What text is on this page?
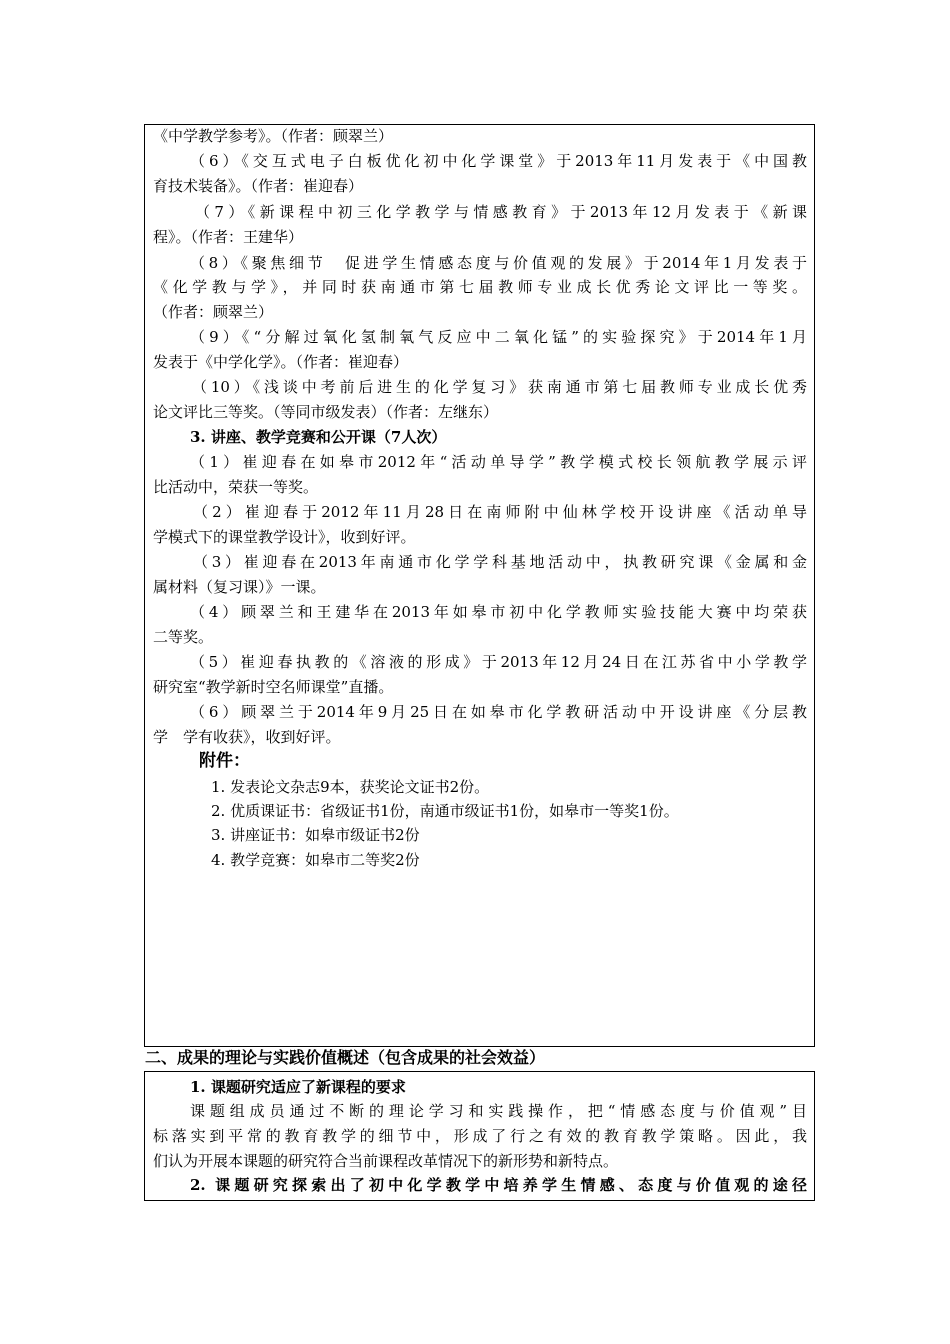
《中学教学参考》。（作者：顾翠兰）
（6）《交互式电子白板优化初中化学课堂》于2013年11月发表于《中国教
育技术装备》。（作者：崔迎春）
（7）《新课程中初三化学教学与情感教育》于2013年12月发表于《新课
程》。（作者：王建华）
（8）《聚焦细节　促进学生情感态度与价值观的发展》于2014年1月发表于
《化学教与学》，并同时获南通市第七届教师专业成长优秀论文评比一等奖。
（作者：顾翠兰）
（9）《“分解过氧化氢制氧气反应中二氧化锰”的实验探究》于2014年1月
发表于《中学化学》。（作者：崔迎春）
（10）《浅谈中考前后进生的化学复习》获南通市第七届教师专业成长优秀
论文评比三等奖。（等同市级发表）（作者：左继东）
3. 讲座、教学竞赛和公开课（7人次）
（1）崔迎春在如皋市2012年“活动单导学”教学模式校长领航教学展示评
比活动中，荣获一等奖。
（2）崔迎春于2012年11月28日在南师附中仙林学校开设讲座《活动单导
学模式下的课堂教学设计》，收到好评。
（3）崔迎春在2013年南通市化学学科基地活动中，执教研究课《金属和金
属材料（复习课）》一课。
（4）顾翠兰和王建华在2013年如皋市初中化学教师实验技能大赛中均荣获
二等奖。
（5）崔迎春执教的《溶液的形成》于2013年12月24日在江苏省中小学教学
研究室“教学新时空名师课堂”直播。
（6）顾翠兰于2014年9月25日在如皋市化学教研活动中开设讲座《分层教
学　学有收获》，收到好评。
附件：
1. 发表论文杂志9本，获奖论文证书2份。
2. 优质课证书：省级证书1份，南通市级证书1份，如皋市一等奖1份。
3. 讲座证书：如皋市级证书2份
4. 教学竞赛：如皋市二等奖2份
二、成果的理论与实践价值概述（包含成果的社会效益）
1. 课题研究适应了新课程的要求
课题组成员通过不断的理论学习和实践操作，把“情感态度与价值观”目
标落实到平常的教育教学的细节中，形成了行之有效的教育教学策略。因此，我
们认为开展本课题的研究符合当前课程改革情况下的新形势和新特点。
2. 课题研究探索出了初中化学教学中培养学生情感、态度与价值观的途径
